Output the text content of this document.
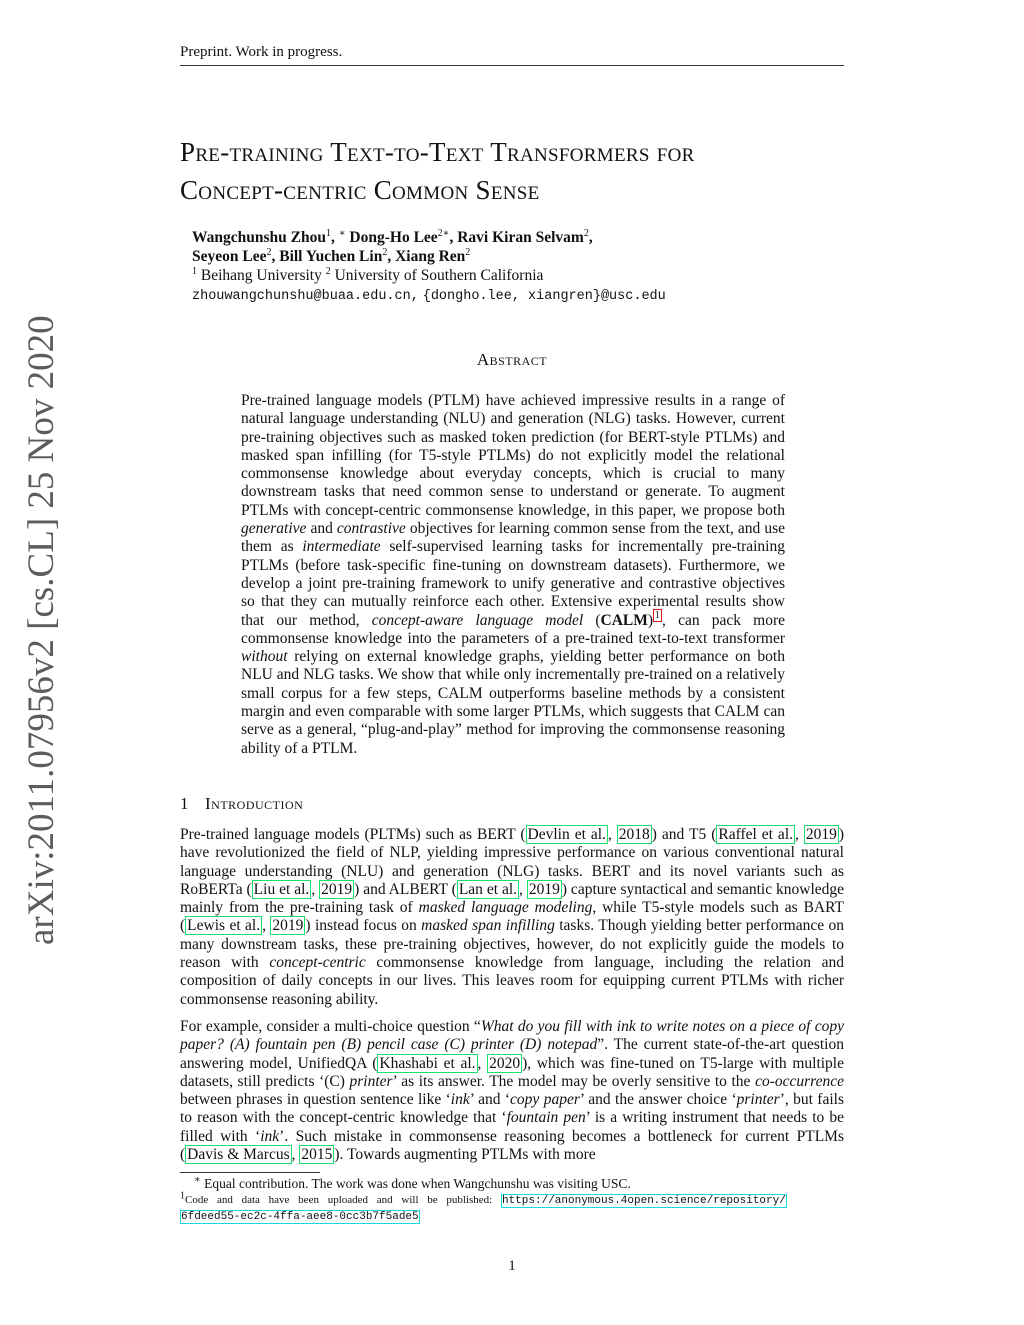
Preprint. Work in progress.
arXiv:2011.07956v2 [cs.CL] 25 Nov 2020
Pre-training Text-to-Text Transformers for
Concept-centric Common Sense
Wangchunshu Zhou$^1$, ∗ Dong-Ho Lee$^{2∗}$, Ravi Kiran Selvam$^2$,
Seyeon Lee$^2$, Bill Yuchen Lin$^2$, Xiang Ren$^2$
$^1$ Beihang University $^2$ University of Southern California
zhouwangchunshu@buaa.edu.cn, {dongho.lee, xiangren}@usc.edu
Abstract
Pre-trained language models (PTLM) have achieved impressive results in a range of natural language understanding (NLU) and generation (NLG) tasks. However, current pre-training objectives such as masked token prediction (for BERT-style PTLMs) and masked span infilling (for T5-style PTLMs) do not explicitly model the relational commonsense knowledge about everyday concepts, which is crucial to many downstream tasks that need common sense to understand or generate. To augment PTLMs with concept-centric commonsense knowledge, in this paper, we propose both generative and contrastive objectives for learning common sense from the text, and use them as intermediate self-supervised learning tasks for incrementally pre-training PTLMs (before task-specific fine-tuning on downstream datasets). Furthermore, we develop a joint pre-training framework to unify generative and contrastive objectives so that they can mutually reinforce each other. Extensive experimental results show that our method, concept-aware language model (CALM) $^1$ , can pack more commonsense knowledge into the parameters of a pre-trained text-to-text transformer without relying on external knowledge graphs, yielding better performance on both NLU and NLG tasks. We show that while only incrementally pre-trained on a relatively small corpus for a few steps, CALM outperforms baseline methods by a consistent margin and even comparable with some larger PTLMs, which suggests that CALM can serve as a general, “plug-and-play” method for improving the commonsense reasoning ability of a PTLM.
1 Introduction
Pre-trained language models (PLTMs) such as BERT ( Devlin et al. , 2018 ) and T5 ( Raffel et al. , 2019 ) have revolutionized the field of NLP, yielding impressive performance on various conventional natural language understanding (NLU) and generation (NLG) tasks. BERT and its novel variants such as RoBERTa ( Liu et al. , 2019 ) and ALBERT ( Lan et al. , 2019 ) capture syntactical and semantic knowledge mainly from the pre-training task of masked language modeling, while T5-style models such as BART ( Lewis et al. , 2019 ) instead focus on masked span infilling tasks. Though yielding better performance on many downstream tasks, these pre-training objectives, however, do not explicitly guide the models to reason with concept-centric commonsense knowledge from language, including the relation and composition of daily concepts in our lives. This leaves room for equipping current PTLMs with richer commonsense reasoning ability.
For example, consider a multi-choice question “What do you fill with ink to write notes on a piece of copy paper? (A) fountain pen (B) pencil case (C) printer (D) notepad”. The current state-of-the-art question answering model, UnifiedQA ( Khashabi et al. , 2020 ), which was fine-tuned on T5-large with multiple datasets, still predicts ‘(C) printer’ as its answer. The model may be overly sensitive to the co-occurrence between phrases in question sentence like ‘ink’ and ‘copy paper’ and the answer choice ‘printer’, but fails to reason with the concept-centric knowledge that ‘fountain pen’ is a writing instrument that needs to be filled with ‘ink’. Such mistake in commonsense reasoning becomes a bottleneck for current PTLMs ( Davis & Marcus , 2015 ). Towards augmenting PTLMs with more
∗ Equal contribution. The work was done when Wangchunshu was visiting USC.
1Code and data have been uploaded and will be published: https://anonymous.4open.science/repository/
6fdeed55-ec2c-4ffa-aee8-0cc3b7f5ade5
1
